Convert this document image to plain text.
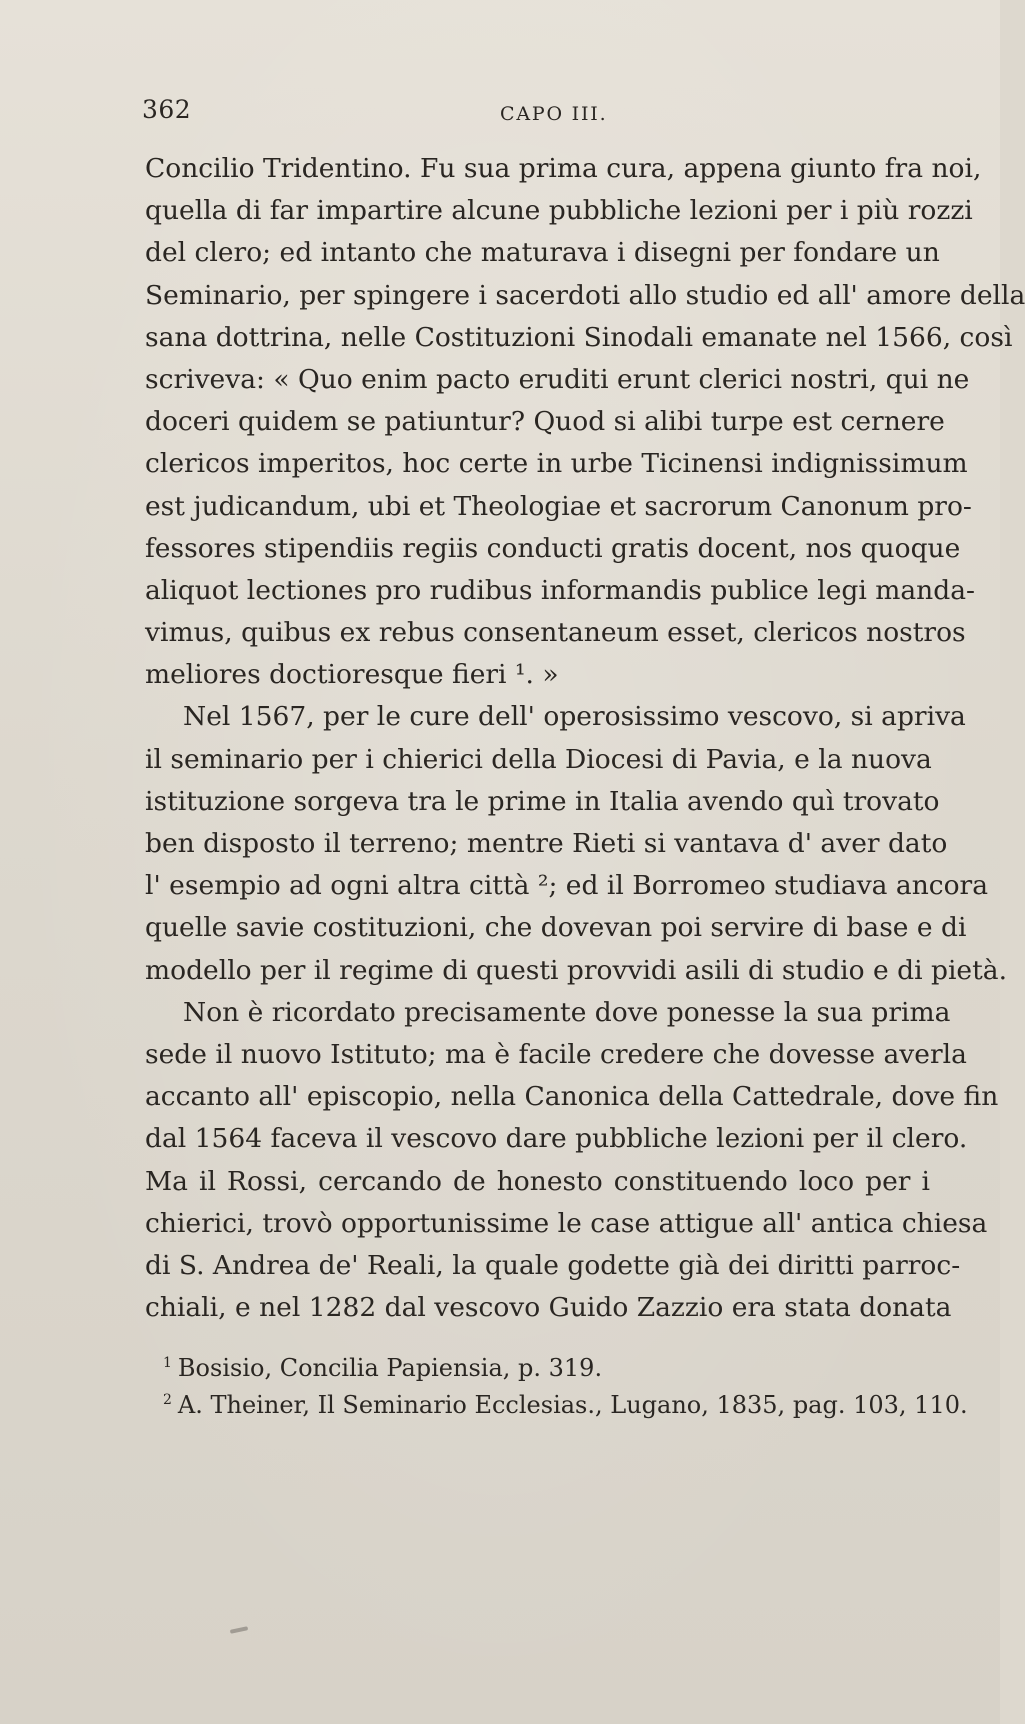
362	CAPO III.
Concilio Tridentino. Fu sua prima cura, appena giunto fra noi,
quella di far impartire alcune pubbliche lezioni per i più rozzi
del clero; ed intanto che maturava i disegni per fondare un
Seminario, per spingere i sacerdoti allo studio ed all' amore della
sana dottrina, nelle Costituzioni Sinodali emanate nel 1566, così
scriveva: « Quo enim pacto eruditi erunt clerici nostri, qui ne
doceri quidem se patiuntur? Quod si alibi turpe est cernere
clericos imperitos, hoc certe in urbe Ticinensi indignissimum
est judicandum, ubi et Theologiae et sacrorum Canonum pro-
fessores stipendiis regiis conducti gratis docent, nos quoque
aliquot lectiones pro rudibus informandis publice legi manda-
vimus, quibus ex rebus consentaneum esset, clericos nostros
meliores doctioresque fieri ¹. »
Nel 1567, per le cure dell' operosissimo vescovo, si apriva
il seminario per i chierici della Diocesi di Pavia, e la nuova
istituzione sorgeva tra le prime in Italia avendo quì trovato
ben disposto il terreno; mentre Rieti si vantava d' aver dato
l' esempio ad ogni altra città ²; ed il Borromeo studiava ancora
quelle savie costituzioni, che dovevan poi servire di base e di
modello per il regime di questi provvidi asili di studio e di pietà.
Non è ricordato precisamente dove ponesse la sua prima
sede il nuovo Istituto; ma è facile credere che dovesse averla
accanto all' episcopio, nella Canonica della Cattedrale, dove fin
dal 1564 faceva il vescovo dare pubbliche lezioni per il clero.
Ma il Rossi, cercando de honesto constituendo loco per i
chierici, trovò opportunissime le case attigue all' antica chiesa
di S. Andrea de' Reali, la quale godette già dei diritti parroc-
chiali, e nel 1282 dal vescovo Guido Zazzio era stata donata
$^1$ Bosisio, Concilia Papiensia, p. 319.
$^2$ A. Theiner, Il Seminario Ecclesias., Lugano, 1835, pag. 103, 110.
